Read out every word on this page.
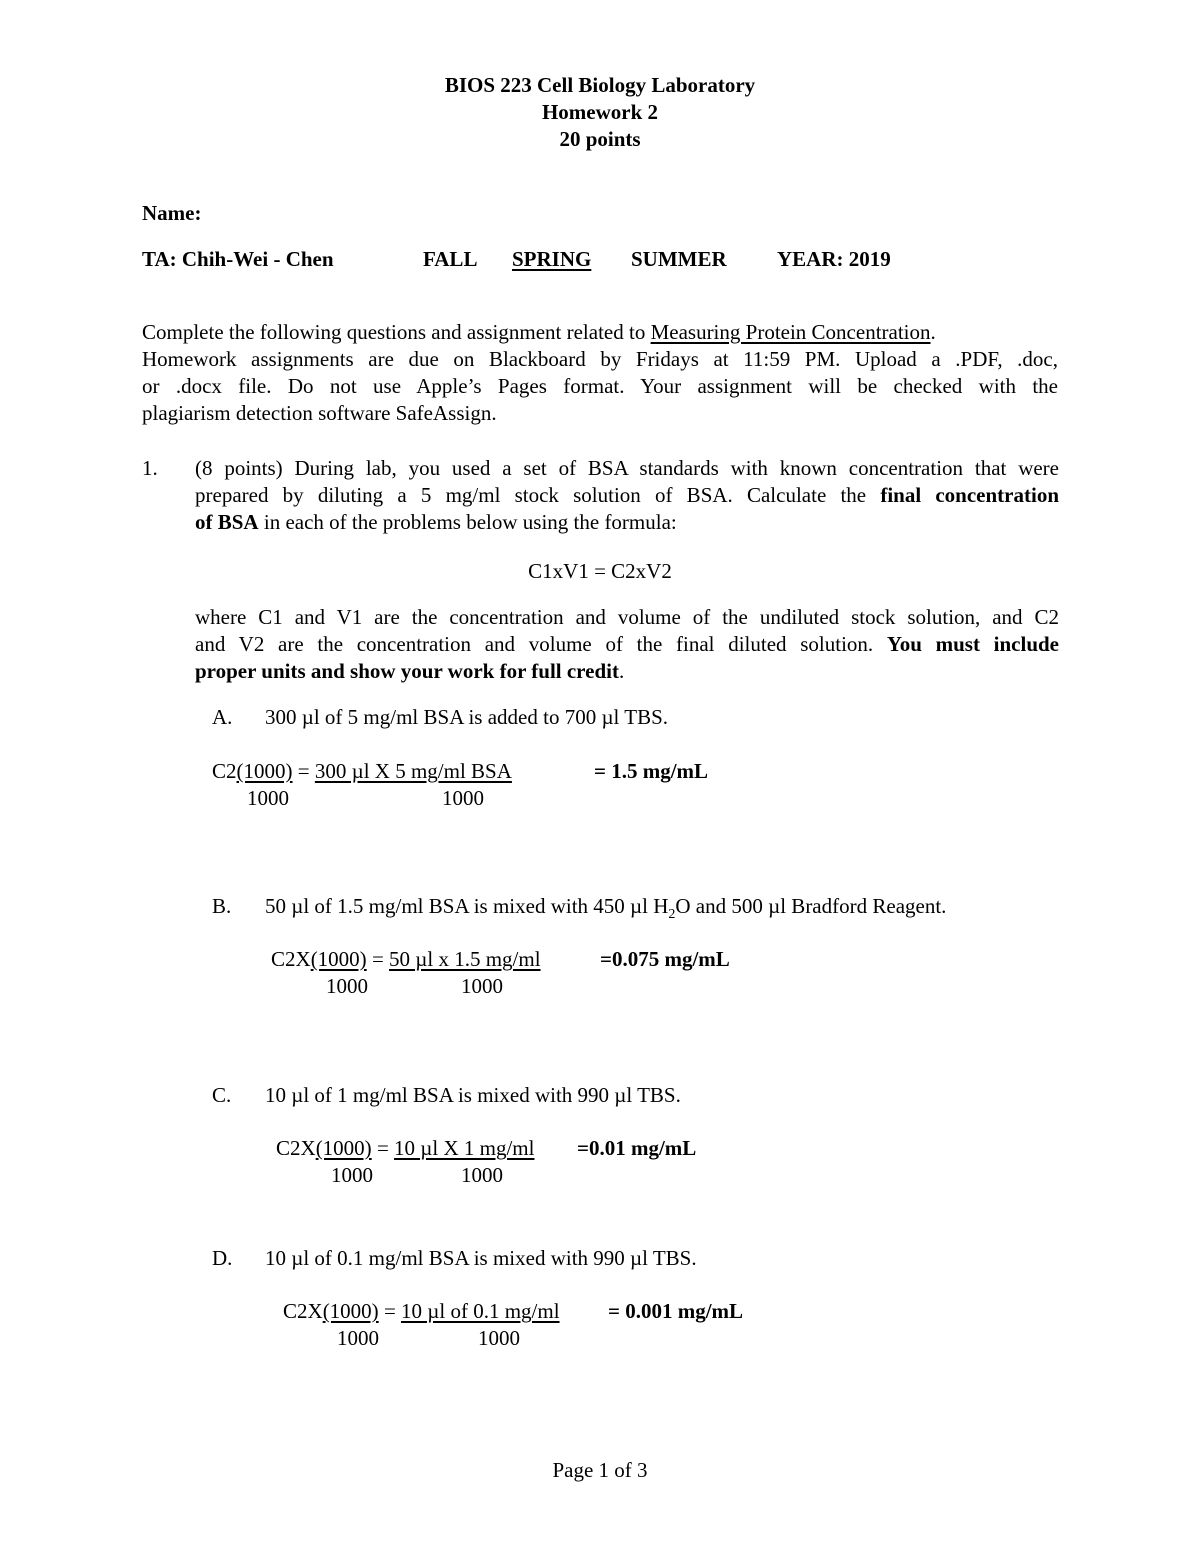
BIOS 223 Cell Biology Laboratory
Homework 2
20 points
Name:
TA: Chih-Wei - Chen	FALL SPRING SUMMER YEAR: 2019
Complete the following questions and assignment related to Measuring Protein Concentration.
Homework assignments are due on Blackboard by Fridays at 11:59 PM. Upload a .PDF, .doc,
or .docx file. Do not use Apple’s Pages format. Your assignment will be checked with the
plagiarism detection software SafeAssign.
1. (8 points) During lab, you used a set of BSA standards with known concentration that were
prepared by diluting a 5 mg/ml stock solution of BSA. Calculate the final concentration
of BSA in each of the problems below using the formula:
C1xV1 = C2xV2
where C1 and V1 are the concentration and volume of the undiluted stock solution, and C2
and V2 are the concentration and volume of the final diluted solution. You must include
proper units and show your work for full credit.
A. 300 µl of 5 mg/ml BSA is added to 700 µl TBS.
C2(1000) = 300 µl X 5 mg/ml BSA	= 1.5 mg/mL
1000	1000
B. 50 µl of 1.5 mg/ml BSA is mixed with 450 µl $H_2O$ and 500 µl Bradford Reagent.
C2X(1000) = 50 µl x 1.5 mg/ml	=0.075 mg/mL
1000	1000
C. 10 µl of 1 mg/ml BSA is mixed with 990 µl TBS.
C2X(1000) = 10 µl X 1 mg/ml =0.01 mg/mL
1000	1000
D. 10 µl of 0.1 mg/ml BSA is mixed with 990 µl TBS.
C2X(1000) = 10 µl of 0.1 mg/ml = 0.001 mg/mL
1000	1000
Page 1 of 3
